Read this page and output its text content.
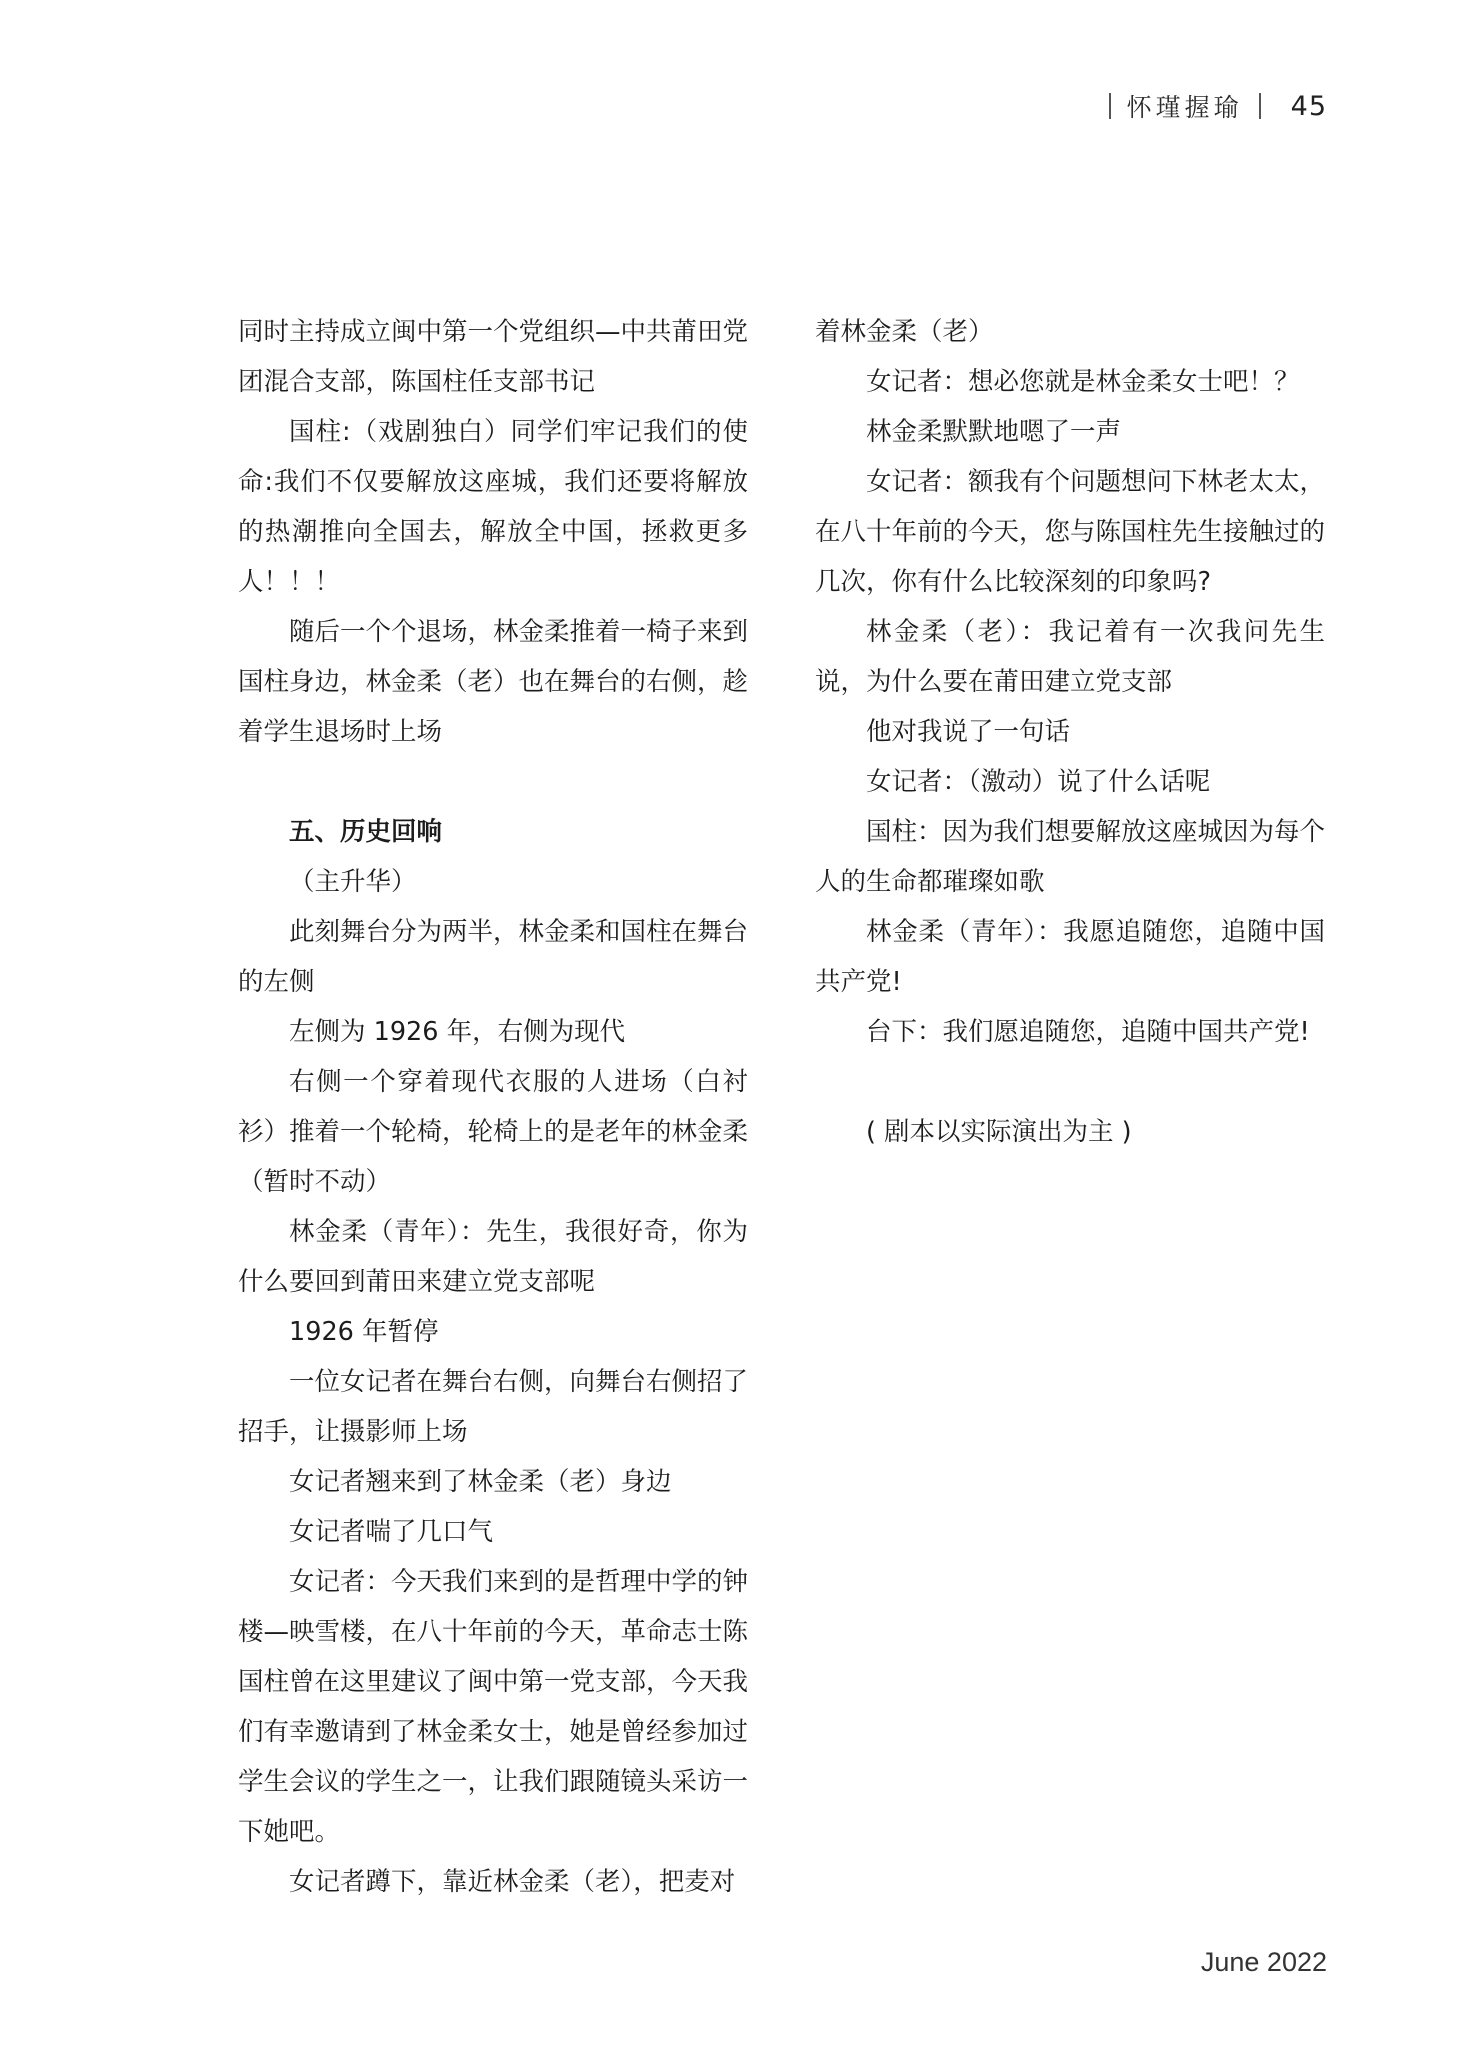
怀瑾握瑜 45

同时主持成立闽中第一个党组织—中共莆田党团混合支部，陈国柱任支部书记

国柱:（戏剧独白）同学们牢记我们的使命:我们不仅要解放这座城，我们还要将解放的热潮推向全国去，解放全中国，拯救更多人！！！

随后一个个退场，林金柔推着一椅子来到国柱身边，林金柔（老）也在舞台的右侧，趁着学生退场时上场

五、历史回响

（主升华）

此刻舞台分为两半，林金柔和国柱在舞台的左侧

左侧为 1926 年，右侧为现代

右侧一个穿着现代衣服的人进场（白衬衫）推着一个轮椅，轮椅上的是老年的林金柔（暂时不动）

林金柔（青年）：先生，我很好奇，你为什么要回到莆田来建立党支部呢

1926 年暂停

一位女记者在舞台右侧，向舞台右侧招了招手，让摄影师上场

女记者翘来到了林金柔（老）身边

女记者喘了几口气

女记者：今天我们来到的是哲理中学的钟楼—映雪楼，在八十年前的今天，革命志士陈国柱曾在这里建议了闽中第一党支部，今天我们有幸邀请到了林金柔女士，她是曾经参加过学生会议的学生之一，让我们跟随镜头采访一下她吧。

女记者蹲下，靠近林金柔（老），把麦对

着林金柔（老）

女记者：想必您就是林金柔女士吧！？

林金柔默默地嗯了一声

女记者：额我有个问题想问下林老太太，在八十年前的今天，您与陈国柱先生接触过的几次，你有什么比较深刻的印象吗?

林金柔（老）：我记着有一次我问先生说，为什么要在莆田建立党支部

他对我说了一句话

女记者：（激动）说了什么话呢

国柱：因为我们想要解放这座城因为每个人的生命都璀璨如歌

林金柔（青年）：我愿追随您，追随中国共产党!

台下：我们愿追随您，追随中国共产党!

( 剧本以实际演出为主 )

June 2022
